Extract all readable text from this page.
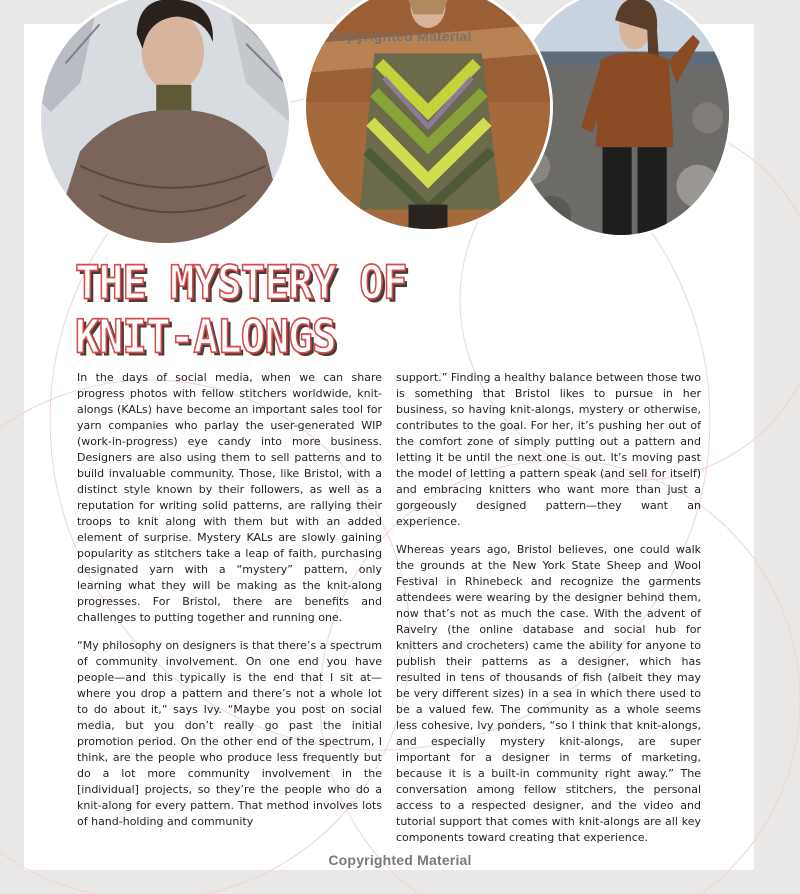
Copyrighted Material
THE MYSTERY OF
KNIT-ALONGS

In the days of social media, when we can share progress photos with fellow stitchers worldwide, knit-alongs (KALs) have become an important sales tool for yarn companies who parlay the user-generated WIP (work-in-progress) eye candy into more business. Designers are also using them to sell patterns and to build invaluable community. Those, like Bristol, with a distinct style known by their followers, as well as a reputation for writing solid patterns, are rallying their troops to knit along with them but with an added element of surprise. Mystery KALs are slowly gaining popularity as stitchers take a leap of faith, purchasing designated yarn with a “mystery” pattern, only learning what they will be making as the knit-along progresses. For Bristol, there are benefits and challenges to putting together and running one.

“My philosophy on designers is that there’s a spectrum of community involvement. On one end you have people—and this typically is the end that I sit at—where you drop a pattern and there’s not a whole lot to do about it,” says Ivy. “Maybe you post on social media, but you don’t really go past the initial promotion period. On the other end of the spectrum, I think, are the people who produce less frequently but do a lot more community involvement in the [individual] projects, so they’re the people who do a knit-along for every pattern. That method involves lots of hand-holding and community

support.” Finding a healthy balance between those two is something that Bristol likes to pursue in her business, so having knit-alongs, mystery or otherwise, contributes to the goal. For her, it’s pushing her out of the comfort zone of simply putting out a pattern and letting it be until the next one is out. It’s moving past the model of letting a pattern speak (and sell for itself) and embracing knitters who want more than just a gorgeously designed pattern—they want an experience.

Whereas years ago, Bristol believes, one could walk the grounds at the New York State Sheep and Wool Festival in Rhinebeck and recognize the garments attendees were wearing by the designer behind them, now that’s not as much the case. With the advent of Ravelry (the online database and social hub for knitters and crocheters) came the ability for anyone to publish their patterns as a designer, which has resulted in tens of thousands of fish (albeit they may be very different sizes) in a sea in which there used to be a valued few. The community as a whole seems less cohesive, Ivy ponders, “so I think that knit-alongs, and especially mystery knit-alongs, are super important for a designer in terms of marketing, because it is a built-in community right away.” The conversation among fellow stitchers, the personal access to a respected designer, and the video and tutorial support that comes with knit-alongs are all key components toward creating that experience.

Copyrighted Material
